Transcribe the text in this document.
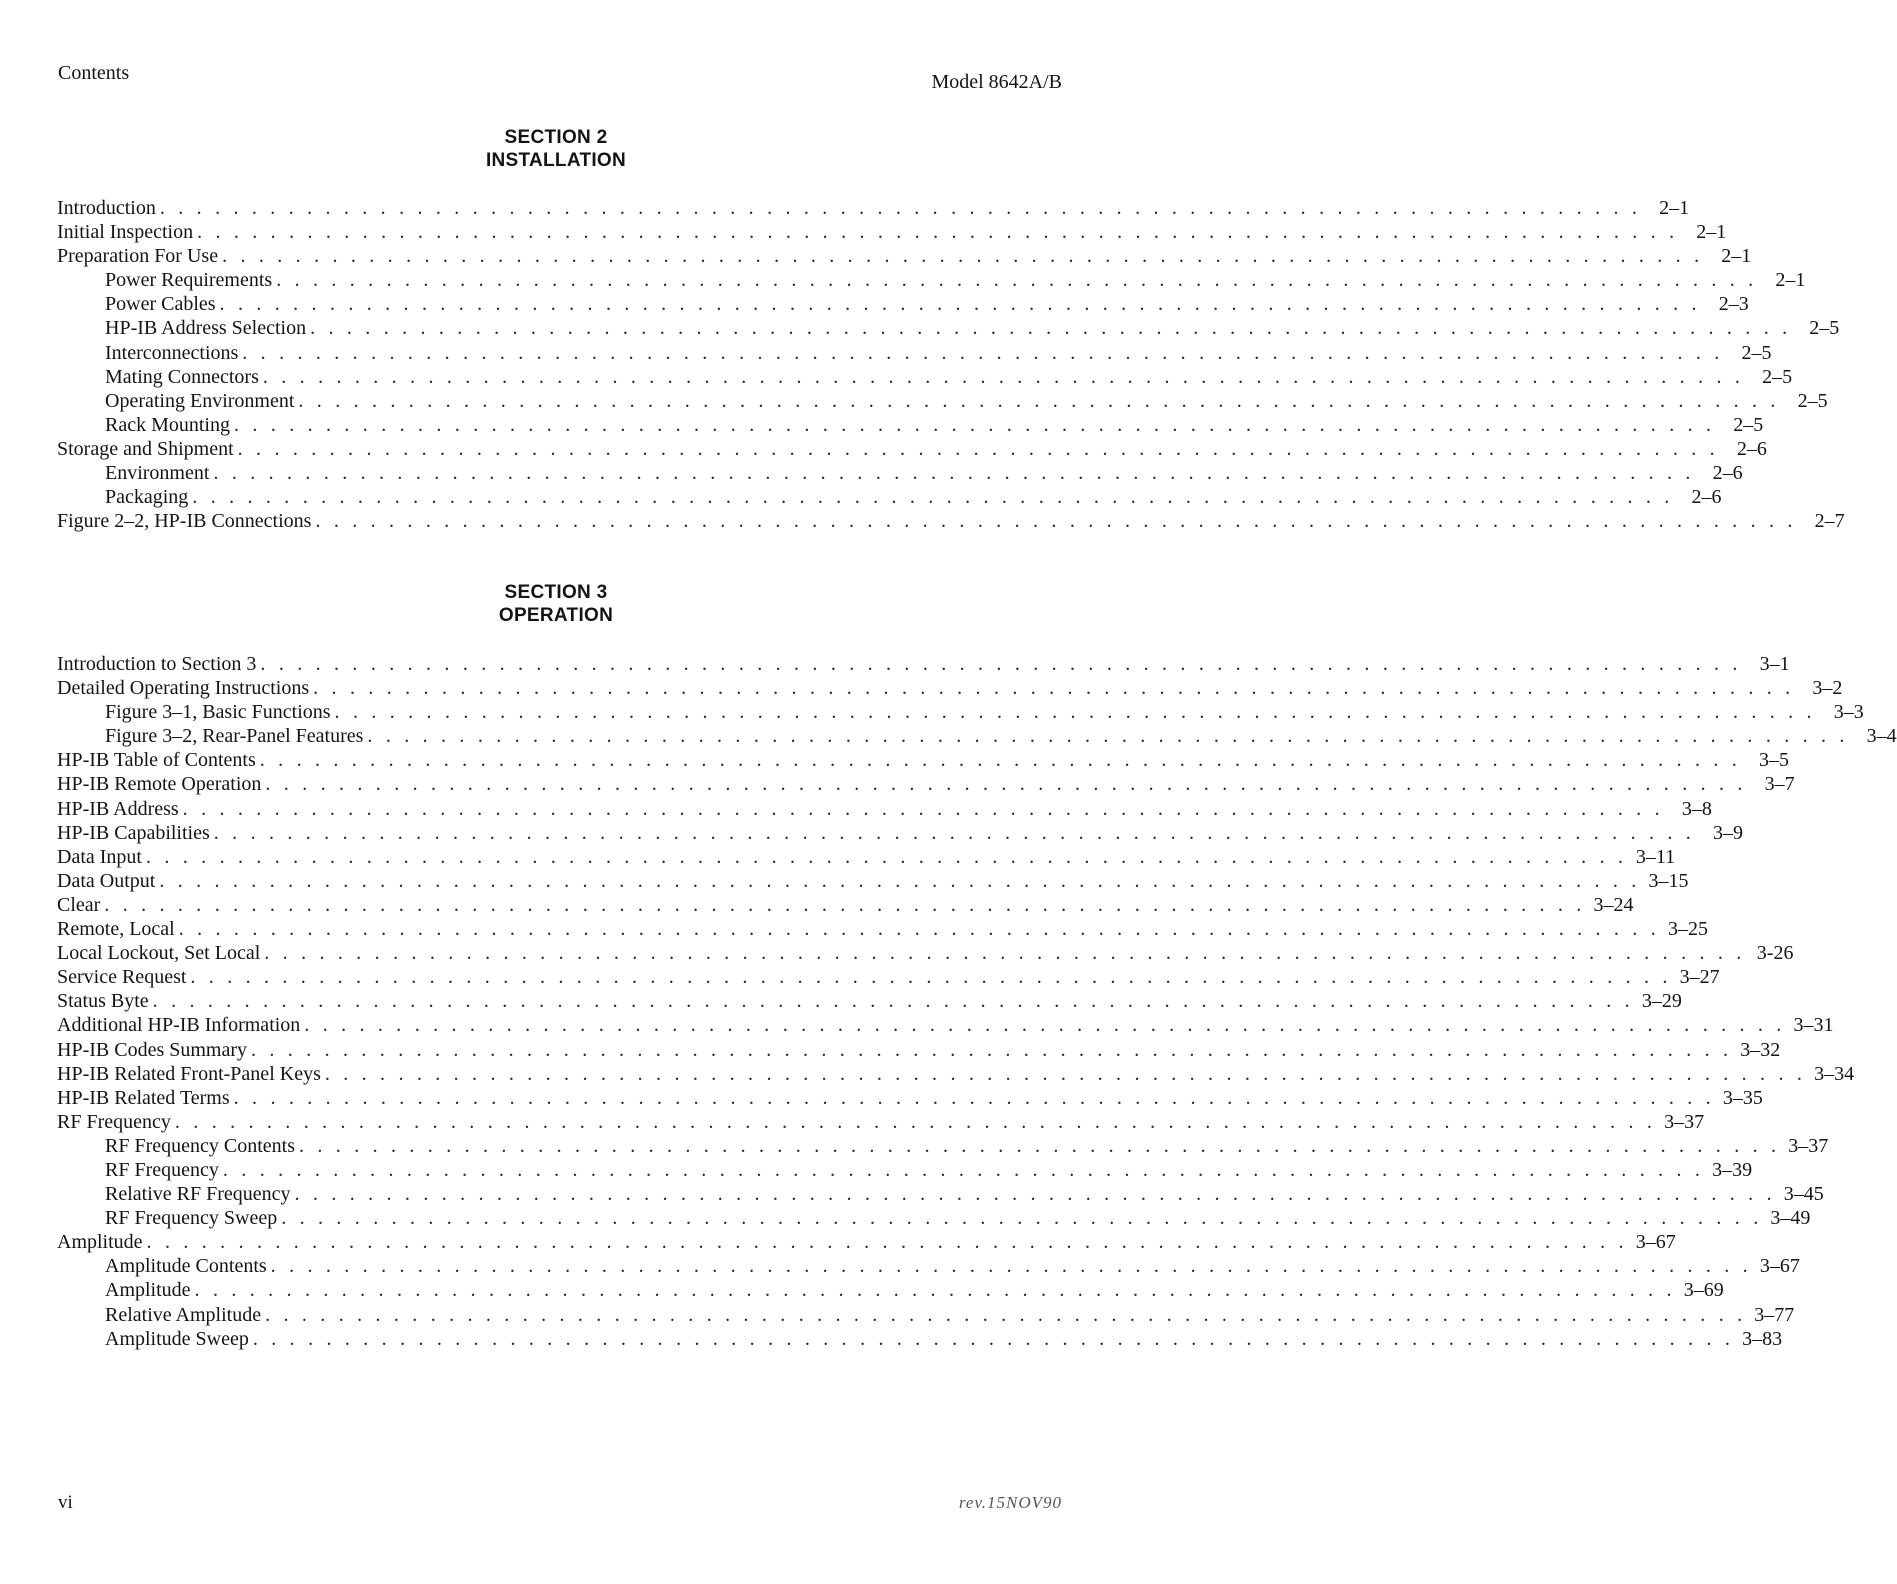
Contents	Model 8642A/B
SECTION 2
INSTALLATION
Introduction . . . . . . . . . . . . . . . . . . . . . . . . . . . . . . . . . . . . . . . . . . . . . . . . . . . . . . . . . . . . . . . . . . . . . . . . . . . . . . . . . 2–1
Initial Inspection . . . . . . . . . . . . . . . . . . . . . . . . . . . . . . . . . . . . . . . . . . . . . . . . . . . . . . . . . . . . . . . . . . . . . . . . . . . . . . . . . 2–1
Preparation For Use . . . . . . . . . . . . . . . . . . . . . . . . . . . . . . . . . . . . . . . . . . . . . . . . . . . . . . . . . . . . . . . . . . . . . . . . . . . . . . . . . 2–1
Power Requirements . . . . . . . . . . . . . . . . . . . . . . . . . . . . . . . . . . . . . . . . . . . . . . . . . . . . . . . . . . . . . . . . . . . . . . . . . . . . . . . . . 2–1
Power Cables . . . . . . . . . . . . . . . . . . . . . . . . . . . . . . . . . . . . . . . . . . . . . . . . . . . . . . . . . . . . . . . . . . . . . . . . . . . . . . . . . 2–3
HP-IB Address Selection . . . . . . . . . . . . . . . . . . . . . . . . . . . . . . . . . . . . . . . . . . . . . . . . . . . . . . . . . . . . . . . . . . . . . . . . . . . . . . . . . 2–5
Interconnections . . . . . . . . . . . . . . . . . . . . . . . . . . . . . . . . . . . . . . . . . . . . . . . . . . . . . . . . . . . . . . . . . . . . . . . . . . . . . . . . . 2–5
Mating Connectors . . . . . . . . . . . . . . . . . . . . . . . . . . . . . . . . . . . . . . . . . . . . . . . . . . . . . . . . . . . . . . . . . . . . . . . . . . . . . . . . . 2–5
Operating Environment . . . . . . . . . . . . . . . . . . . . . . . . . . . . . . . . . . . . . . . . . . . . . . . . . . . . . . . . . . . . . . . . . . . . . . . . . . . . . . . . . 2–5
Rack Mounting . . . . . . . . . . . . . . . . . . . . . . . . . . . . . . . . . . . . . . . . . . . . . . . . . . . . . . . . . . . . . . . . . . . . . . . . . . . . . . . . . 2–5
Storage and Shipment . . . . . . . . . . . . . . . . . . . . . . . . . . . . . . . . . . . . . . . . . . . . . . . . . . . . . . . . . . . . . . . . . . . . . . . . . . . . . . . . . 2–6
Environment . . . . . . . . . . . . . . . . . . . . . . . . . . . . . . . . . . . . . . . . . . . . . . . . . . . . . . . . . . . . . . . . . . . . . . . . . . . . . . . . . 2–6
Packaging . . . . . . . . . . . . . . . . . . . . . . . . . . . . . . . . . . . . . . . . . . . . . . . . . . . . . . . . . . . . . . . . . . . . . . . . . . . . . . . . . 2–6
Figure 2–2, HP-IB Connections . . . . . . . . . . . . . . . . . . . . . . . . . . . . . . . . . . . . . . . . . . . . . . . . . . . . . . . . . . . . . . . . . . . . . . . . . . . . . . . . . 2–7
SECTION 3
OPERATION
Introduction to Section 3 . . . . . . . . . . . . . . . . . . . . . . . . . . . . . . . . . . . . . . . . . . . . . . . . . . . . . . . . . . . . . . . . . . . . . . . . . . . . . . . . . 3–1
Detailed Operating Instructions . . . . . . . . . . . . . . . . . . . . . . . . . . . . . . . . . . . . . . . . . . . . . . . . . . . . . . . . . . . . . . . . . . . . . . . . . . . . . . . . . 3–2
Figure 3–1, Basic Functions . . . . . . . . . . . . . . . . . . . . . . . . . . . . . . . . . . . . . . . . . . . . . . . . . . . . . . . . . . . . . . . . . . . . . . . . . . . . . . . . . 3–3
Figure 3–2, Rear-Panel Features . . . . . . . . . . . . . . . . . . . . . . . . . . . . . . . . . . . . . . . . . . . . . . . . . . . . . . . . . . . . . . . . . . . . . . . . . . . . . . . . . 3–4
HP-IB Table of Contents . . . . . . . . . . . . . . . . . . . . . . . . . . . . . . . . . . . . . . . . . . . . . . . . . . . . . . . . . . . . . . . . . . . . . . . . . . . . . . . . . 3–5
HP-IB Remote Operation . . . . . . . . . . . . . . . . . . . . . . . . . . . . . . . . . . . . . . . . . . . . . . . . . . . . . . . . . . . . . . . . . . . . . . . . . . . . . . . . . 3–7
HP-IB Address . . . . . . . . . . . . . . . . . . . . . . . . . . . . . . . . . . . . . . . . . . . . . . . . . . . . . . . . . . . . . . . . . . . . . . . . . . . . . . . . . 3–8
HP-IB Capabilities . . . . . . . . . . . . . . . . . . . . . . . . . . . . . . . . . . . . . . . . . . . . . . . . . . . . . . . . . . . . . . . . . . . . . . . . . . . . . . . . . 3–9
Data Input . . . . . . . . . . . . . . . . . . . . . . . . . . . . . . . . . . . . . . . . . . . . . . . . . . . . . . . . . . . . . . . . . . . . . . . . . . . . . . . . . 3–11
Data Output . . . . . . . . . . . . . . . . . . . . . . . . . . . . . . . . . . . . . . . . . . . . . . . . . . . . . . . . . . . . . . . . . . . . . . . . . . . . . . . . . 3–15
Clear . . . . . . . . . . . . . . . . . . . . . . . . . . . . . . . . . . . . . . . . . . . . . . . . . . . . . . . . . . . . . . . . . . . . . . . . . . . . . . . . . 3–24
Remote, Local . . . . . . . . . . . . . . . . . . . . . . . . . . . . . . . . . . . . . . . . . . . . . . . . . . . . . . . . . . . . . . . . . . . . . . . . . . . . . . . . . 3–25
Local Lockout, Set Local . . . . . . . . . . . . . . . . . . . . . . . . . . . . . . . . . . . . . . . . . . . . . . . . . . . . . . . . . . . . . . . . . . . . . . . . . . . . . . . . . 3-26
Service Request . . . . . . . . . . . . . . . . . . . . . . . . . . . . . . . . . . . . . . . . . . . . . . . . . . . . . . . . . . . . . . . . . . . . . . . . . . . . . . . . . 3–27
Status Byte . . . . . . . . . . . . . . . . . . . . . . . . . . . . . . . . . . . . . . . . . . . . . . . . . . . . . . . . . . . . . . . . . . . . . . . . . . . . . . . . . 3–29
Additional HP-IB Information . . . . . . . . . . . . . . . . . . . . . . . . . . . . . . . . . . . . . . . . . . . . . . . . . . . . . . . . . . . . . . . . . . . . . . . . . . . . . . . . . 3–31
HP-IB Codes Summary . . . . . . . . . . . . . . . . . . . . . . . . . . . . . . . . . . . . . . . . . . . . . . . . . . . . . . . . . . . . . . . . . . . . . . . . . . . . . . . . . 3–32
HP-IB Related Front-Panel Keys . . . . . . . . . . . . . . . . . . . . . . . . . . . . . . . . . . . . . . . . . . . . . . . . . . . . . . . . . . . . . . . . . . . . . . . . . . . . . . . . . 3–34
HP-IB Related Terms . . . . . . . . . . . . . . . . . . . . . . . . . . . . . . . . . . . . . . . . . . . . . . . . . . . . . . . . . . . . . . . . . . . . . . . . . . . . . . . . . 3–35
RF Frequency . . . . . . . . . . . . . . . . . . . . . . . . . . . . . . . . . . . . . . . . . . . . . . . . . . . . . . . . . . . . . . . . . . . . . . . . . . . . . . . . . 3–37
RF Frequency Contents . . . . . . . . . . . . . . . . . . . . . . . . . . . . . . . . . . . . . . . . . . . . . . . . . . . . . . . . . . . . . . . . . . . . . . . . . . . . . . . . . 3–37
RF Frequency . . . . . . . . . . . . . . . . . . . . . . . . . . . . . . . . . . . . . . . . . . . . . . . . . . . . . . . . . . . . . . . . . . . . . . . . . . . . . . . . . 3–39
Relative RF Frequency . . . . . . . . . . . . . . . . . . . . . . . . . . . . . . . . . . . . . . . . . . . . . . . . . . . . . . . . . . . . . . . . . . . . . . . . . . . . . . . . . 3–45
RF Frequency Sweep . . . . . . . . . . . . . . . . . . . . . . . . . . . . . . . . . . . . . . . . . . . . . . . . . . . . . . . . . . . . . . . . . . . . . . . . . . . . . . . . . 3–49
Amplitude . . . . . . . . . . . . . . . . . . . . . . . . . . . . . . . . . . . . . . . . . . . . . . . . . . . . . . . . . . . . . . . . . . . . . . . . . . . . . . . . . 3–67
Amplitude Contents . . . . . . . . . . . . . . . . . . . . . . . . . . . . . . . . . . . . . . . . . . . . . . . . . . . . . . . . . . . . . . . . . . . . . . . . . . . . . . . . . 3–67
Amplitude . . . . . . . . . . . . . . . . . . . . . . . . . . . . . . . . . . . . . . . . . . . . . . . . . . . . . . . . . . . . . . . . . . . . . . . . . . . . . . . . . 3–69
Relative Amplitude . . . . . . . . . . . . . . . . . . . . . . . . . . . . . . . . . . . . . . . . . . . . . . . . . . . . . . . . . . . . . . . . . . . . . . . . . . . . . . . . . 3–77
Amplitude Sweep . . . . . . . . . . . . . . . . . . . . . . . . . . . . . . . . . . . . . . . . . . . . . . . . . . . . . . . . . . . . . . . . . . . . . . . . . . . . . . . . . 3–83
vi	rev.15NOV90
